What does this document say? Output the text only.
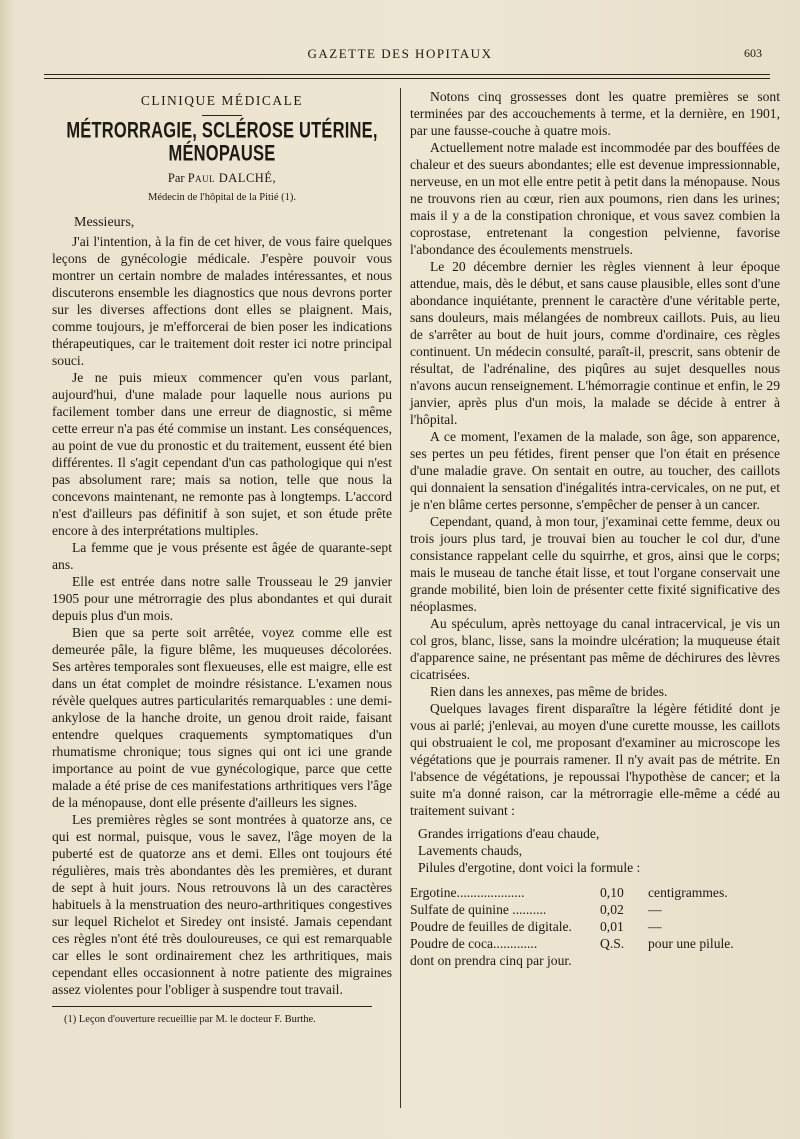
GAZETTE DES HOPITAUX	603
CLINIQUE MÉDICALE
MÉTRORRAGIE, SCLÉROSE UTÉRINE, MÉNOPAUSE
Par Paul DALCHÉ,
Médecin de l'hôpital de la Pitié (1).
Messieurs,

J'ai l'intention, à la fin de cet hiver, de vous faire quelques leçons de gynécologie médicale. J'espère pouvoir vous montrer un certain nombre de malades intéressantes, et nous discuterons ensemble les diagnostics que nous devrons porter sur les diverses affections dont elles se plaignent. Mais, comme toujours, je m'efforcerai de bien poser les indications thérapeutiques, car le traitement doit rester ici notre principal souci.

Je ne puis mieux commencer qu'en vous parlant, aujourd'hui, d'une malade pour laquelle nous aurions pu facilement tomber dans une erreur de diagnostic, si même cette erreur n'a pas été commise un instant. Les conséquences, au point de vue du pronostic et du traitement, eussent été bien différentes. Il s'agit cependant d'un cas pathologique qui n'est pas absolument rare; mais sa notion, telle que nous la concevons maintenant, ne remonte pas à longtemps. L'accord n'est d'ailleurs pas définitif à son sujet, et son étude prête encore à des interprétations multiples.

La femme que je vous présente est âgée de quarante-sept ans.

Elle est entrée dans notre salle Trousseau le 29 janvier 1905 pour une métrorragie des plus abondantes et qui durait depuis plus d'un mois.

Bien que sa perte soit arrêtée, voyez comme elle est demeurée pâle, la figure blême, les muqueuses décolorées. Ses artères temporales sont flexueuses, elle est maigre, elle est dans un état complet de moindre résistance. L'examen nous révèle quelques autres particularités remarquables : une demi-ankylose de la hanche droite, un genou droit raide, faisant entendre quelques craquements symptomatiques d'un rhumatisme chronique; tous signes qui ont ici une grande importance au point de vue gynécologique, parce que cette malade a été prise de ces manifestations arthritiques vers l'âge de la ménopause, dont elle présente d'ailleurs les signes.

Les premières règles se sont montrées à quatorze ans, ce qui est normal, puisque, vous le savez, l'âge moyen de la puberté est de quatorze ans et demi. Elles ont toujours été régulières, mais très abondantes dès les premières, et durant de sept à huit jours. Nous retrouvons là un des caractères habituels à la menstruation des neuro-arthritiques congestives sur lequel Richelot et Siredey ont insisté. Jamais cependant ces règles n'ont été très douloureuses, ce qui est remarquable car elles le sont ordinairement chez les arthritiques, mais cependant elles occasionnent à notre patiente des migraines assez violentes pour l'obliger à suspendre tout travail.

(1) Leçon d'ouverture recueillie par M. le docteur F. Burthe.

Notons cinq grossesses dont les quatre premières se sont terminées par des accouchements à terme, et la dernière, en 1901, par une fausse-couche à quatre mois.

Actuellement notre malade est incommodée par des bouffées de chaleur et des sueurs abondantes; elle est devenue impressionnable, nerveuse, en un mot elle entre petit à petit dans la ménopause. Nous ne trouvons rien au cœur, rien aux poumons, rien dans les urines; mais il y a de la constipation chronique, et vous savez combien la coprostase, entretenant la congestion pelvienne, favorise l'abondance des écoulements menstruels.

Le 20 décembre dernier les règles viennent à leur époque attendue, mais, dès le début, et sans cause plausible, elles sont d'une abondance inquiétante, prennent le caractère d'une véritable perte, sans douleurs, mais mélangées de nombreux caillots. Puis, au lieu de s'arrêter au bout de huit jours, comme d'ordinaire, ces règles continuent. Un médecin consulté, paraît-il, prescrit, sans obtenir de résultat, de l'adrénaline, des piqûres au sujet desquelles nous n'avons aucun renseignement. L'hémorragie continue et enfin, le 29 janvier, après plus d'un mois, la malade se décide à entrer à l'hôpital.

A ce moment, l'examen de la malade, son âge, son apparence, ses pertes un peu fétides, firent penser que l'on était en présence d'une maladie grave. On sentait en outre, au toucher, des caillots qui donnaient la sensation d'inégalités intra-cervicales, on ne put, et je n'en blâme certes personne, s'empêcher de penser à un cancer.

Cependant, quand, à mon tour, j'examinai cette femme, deux ou trois jours plus tard, je trouvai bien au toucher le col dur, d'une consistance rappelant celle du squirrhe, et gros, ainsi que le corps; mais le museau de tanche était lisse, et tout l'organe conservait une grande mobilité, bien loin de présenter cette fixité significative des néoplasmes.

Au spéculum, après nettoyage du canal intracervical, je vis un col gros, blanc, lisse, sans la moindre ulcération; la muqueuse était d'apparence saine, ne présentant pas même de déchirures des lèvres cicatrisées.

Rien dans les annexes, pas même de brides.

Quelques lavages firent disparaître la légère fétidité dont je vous ai parlé; j'enlevai, au moyen d'une curette mousse, les caillots qui obstruaient le col, me proposant d'examiner au microscope les végétations que je pourrais ramener. Il n'y avait pas de métrite. En l'absence de végétations, je repoussai l'hypothèse de cancer; et la suite m'a donné raison, car la métrorragie elle-même a cédé au traitement suivant :

Grandes irrigations d'eau chaude,
Lavements chauds,
Pilules d'ergotine, dont voici la formule :
Ergotine....................	0,10	centigrammes.
Sulfate de quinine ..........	0,02	—
Poudre de feuilles de digitale.	0,01	—
Poudre de coca.............	Q.S.	pour une pilule.

dont on prendra cinq par jour.
